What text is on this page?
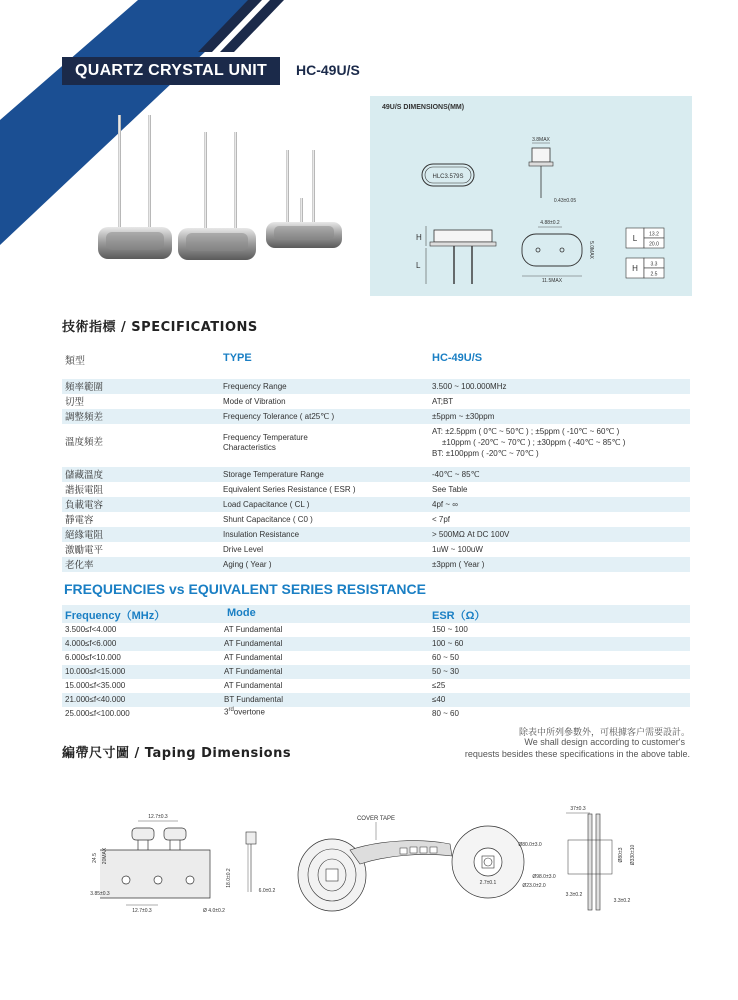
QUARTZ CRYSTAL UNIT	HC-49U/S
49U/S DIMENSIONS(MM)
HLC3.579S
3.8MAX
0.43±0.05
H
L
4.88±0.2
5.0MAX
11.5MAX
L 13.2
20.0
H	3.3
2.5
技術指標 / SPECIFICATIONS
類型	TYPE	HC-49U/S
頻率範圍	Frequency Range	3.500 ~ 100.000MHz
切型	Mode of Vibration	AT;BT
調整頻差	Frequency Tolerance ( at25℃ )	±5ppm ~ ±30ppm
溫度頻差	Frequency Temperature
Characteristics
AT: ±2.5ppm ( 0℃ ~ 50℃ ) ; ±5ppm ( -10℃ ~ 60℃ )
±10ppm ( -20℃ ~ 70℃ ) ; ±30ppm ( -40℃ ~ 85℃ )
BT: ±100ppm ( -20℃ ~ 70℃ )
儲藏溫度	Storage Temperature Range	-40℃ ~ 85℃
諧振電阻	Equivalent Series Resistance ( ESR )	See Table
負載電容	Load Capacitance ( CL )	4pf ~ ∞
靜電容	Shunt Capacitance ( C0 )	< 7pf
絕緣電阻	Insulation Resistance	> 500MΩ At DC 100V
激勵電平	Drive Level	1uW ~ 100uW
老化率	Aging ( Year )	±3ppm ( Year )
FREQUENCIES vs EQUIVALENT SERIES RESISTANCE
Frequency（MHz）	Mode	ESR（Ω）
3.500≤f<4.000	AT Fundamental	150 ~ 100
4.000≤f<6.000	AT Fundamental	100 ~ 60
6.000≤f<10.000	AT Fundamental	60 ~ 50
10.000≤f<15.000	AT Fundamental	50 ~ 30
15.000≤f<35.000	AT Fundamental	≤25
21.000≤f<40.000	BT Fundamental	≤40
25.000≤f<100.000	3rdovertone	80 ~ 60
除表中所列參數外，可根據客户需要設計。
We shall design according to customer's
requests besides these specifications in the above table.
編帶尺寸圖 / Taping Dimensions
12.7±0.3
24.5 20MAX
3.85±0.3
12.7±0.3	Ø 4.0±0.2
18.0±0.2
6.0±0.2
COVER TAPE
Ø80.0±3.0
Ø98.0±3.0
Ø23.0±2.0
2.7±0.1
37±0.3
Ø80±3 Ø330±10
3.3±0.2
3.3±0.2
